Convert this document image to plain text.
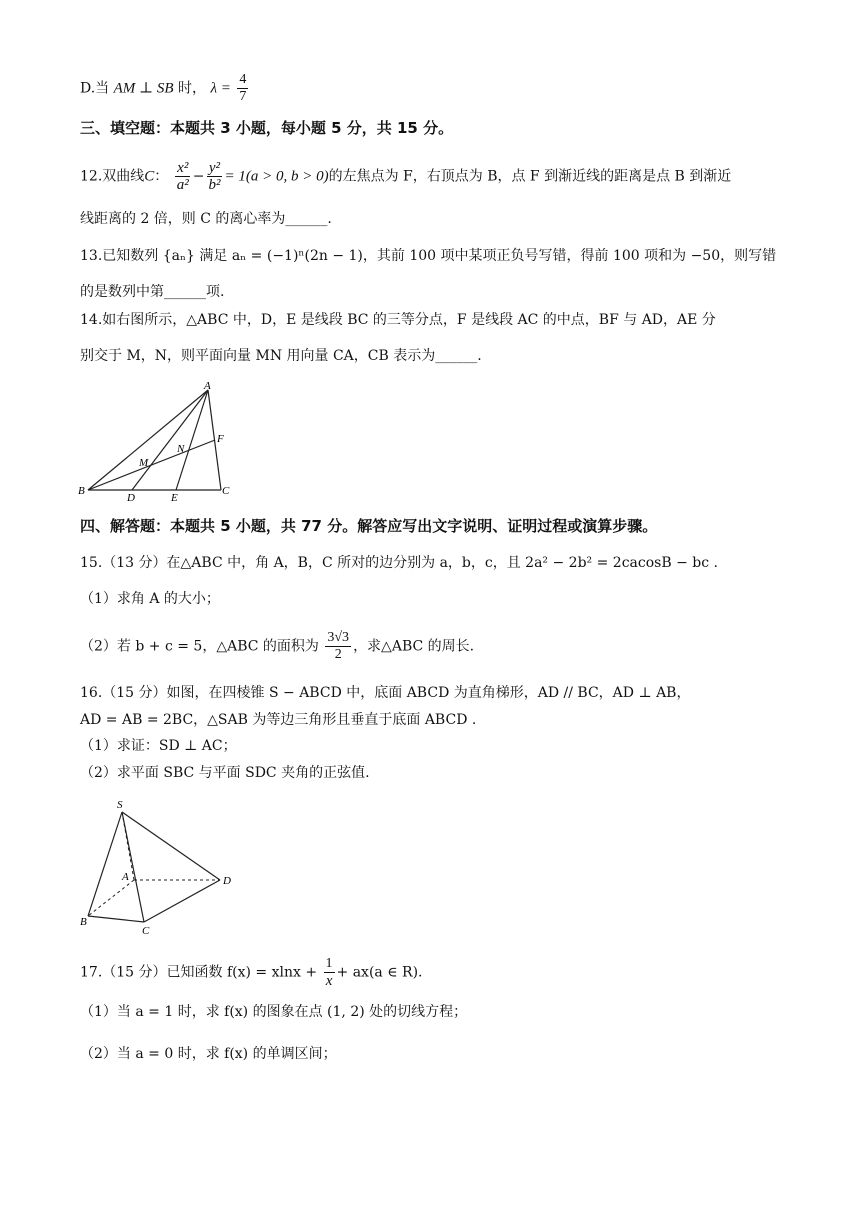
D.当 AM ⊥ SB 时， $\lambda = \frac{4}{7}$
三、填空题：本题共 3 小题，每小题 5 分，共 15 分。
12.双曲线C： $\frac{\text{x²}}{\text{a²}} - \frac{\text{y²}}{\text{b²}} = 1(a > 0$, b > 0)的左焦点为 F，右顶点为 B，点 F 到渐近线的距离是点 B 到渐近
线距离的 2 倍，则 C 的离心率为______.
13.已知数列 {aₙ} 满足 aₙ = (−1)ⁿ(2n − 1)，其前 100 项中某项正负号写错，得前 100 项和为 −50，则写错
的是数列中第______项.
14.如右图所示，△ABC 中，D，E 是线段 BC 的三等分点，F 是线段 AC 的中点，BF 与 AD，AE 分
别交于 M，N，则平面向量 MN 用向量 CA，CB 表示为______.
A
B	C
D	E
F
M
N
四、解答题：本题共 5 小题，共 77 分。解答应写出文字说明、证明过程或演算步骤。
15.（13 分）在△ABC 中，角 A，B，C 所对的边分别为 a，b，c，且 2a² − 2b² = 2cacosB − bc .
（1）求角 A 的大小；
（2）若 b + c = 5，△ABC 的面积为 $\frac{3√3}{2}$ ，求△ABC 的周长.
16.（15 分）如图，在四棱锥 S − ABCD 中，底面 ABCD 为直角梯形，AD // BC，AD ⊥ AB，
AD = AB = 2BC，△SAB 为等边三角形且垂直于底面 ABCD .
（1）求证：SD ⊥ AC；
（2）求平面 SBC 与平面 SDC 夹角的正弦值.
S
A
B
C
D
17.（15 分）已知函数 $f(x) = xlnx + \frac{1}{x} + ax(a$ ∈ R).
（1）当 a = 1 时，求 f(x) 的图象在点 (1, 2) 处的切线方程；
（2）当 a = 0 时，求 f(x) 的单调区间；
